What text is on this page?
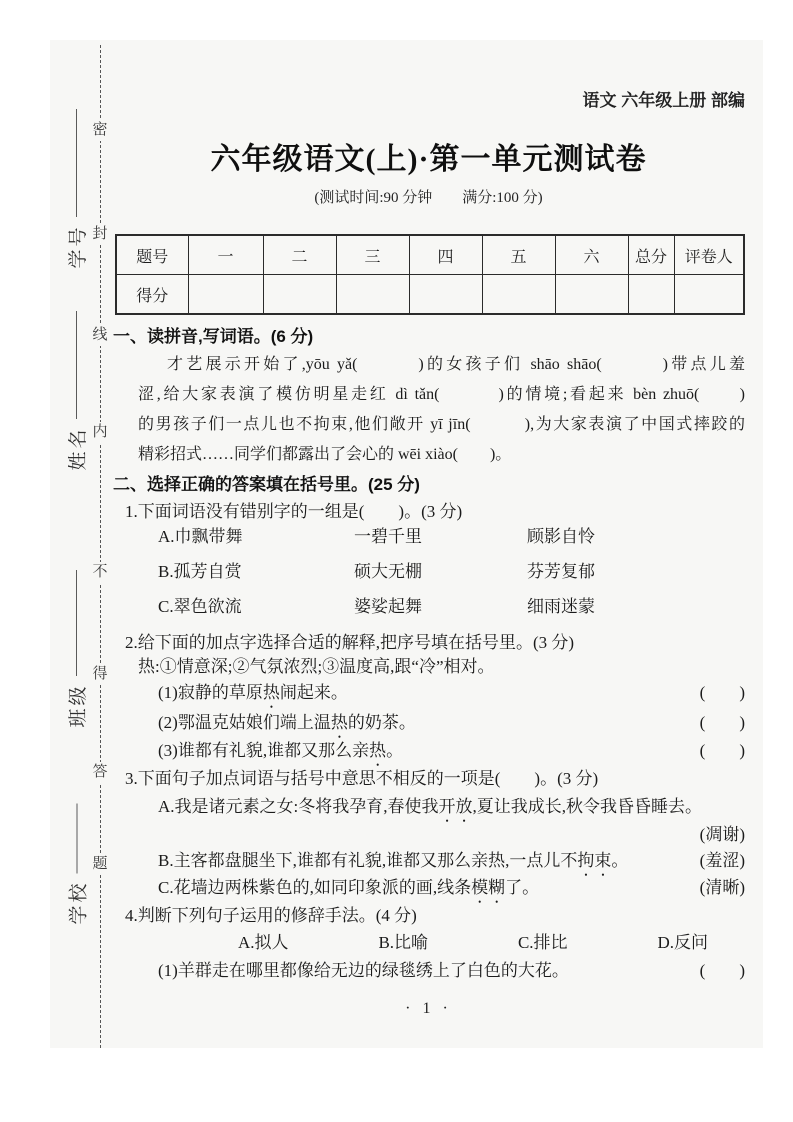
密
封
线
内
不
得
答
题
学号
姓名
班级
学校
语文 六年级上册 部编
六年级语文(上)·第一单元测试卷
(测试时间:90 分钟　　满分:100 分)
题号	一	二	三	四	五	六	总分	评卷人
得分								
一、读拼音,写词语。(6 分)
才艺展示开始了,yōu yǎ(　　　)的女孩子们 shāo shāo(　　　)带点儿羞
涩,给大家表演了模仿明星走红 dì tǎn(　　　)的情境;看起来 bèn zhuō(　　)
的男孩子们一点儿也不拘束,他们敞开 yī jīn(　　　),为大家表演了中国式摔跤的
精彩招式……同学们都露出了会心的 wēi xiào(　　)。
二、选择正确的答案填在括号里。(25 分)
1.下面词语没有错别字的一组是(　　)。(3 分)
A.巾飘带舞	一碧千里	顾影自怜
B.孤芳自赏	硕大无棚	芬芳复郁
C.翠色欲流	婆娑起舞	细雨迷蒙
2.给下面的加点字选择合适的解释,把序号填在括号里。(3 分)
热:①情意深;②气氛浓烈;③温度高,跟“冷”相对。
(1)寂静的草原热闹起来。	(　　)
(2)鄂温克姑娘们端上温热的奶茶。	(　　)
(3)谁都有礼貌,谁都又那么亲热。	(　　)
3.下面句子加点词语与括号中意思不相反的一项是(　　)。(3 分)
A.我是诸元素之女:冬将我孕育,春使我开放,夏让我成长,秋令我昏昏睡去。
(凋谢)
B.主客都盘腿坐下,谁都有礼貌,谁都又那么亲热,一点儿不拘束。	(羞涩)
C.花墙边两株紫色的,如同印象派的画,线条模糊了。	(清晰)
4.判断下列句子运用的修辞手法。(4 分)
A.拟人	B.比喻	C.排比	D.反问
(1)羊群走在哪里都像给无边的绿毯绣上了白色的大花。	(　　)
· 1 ·
